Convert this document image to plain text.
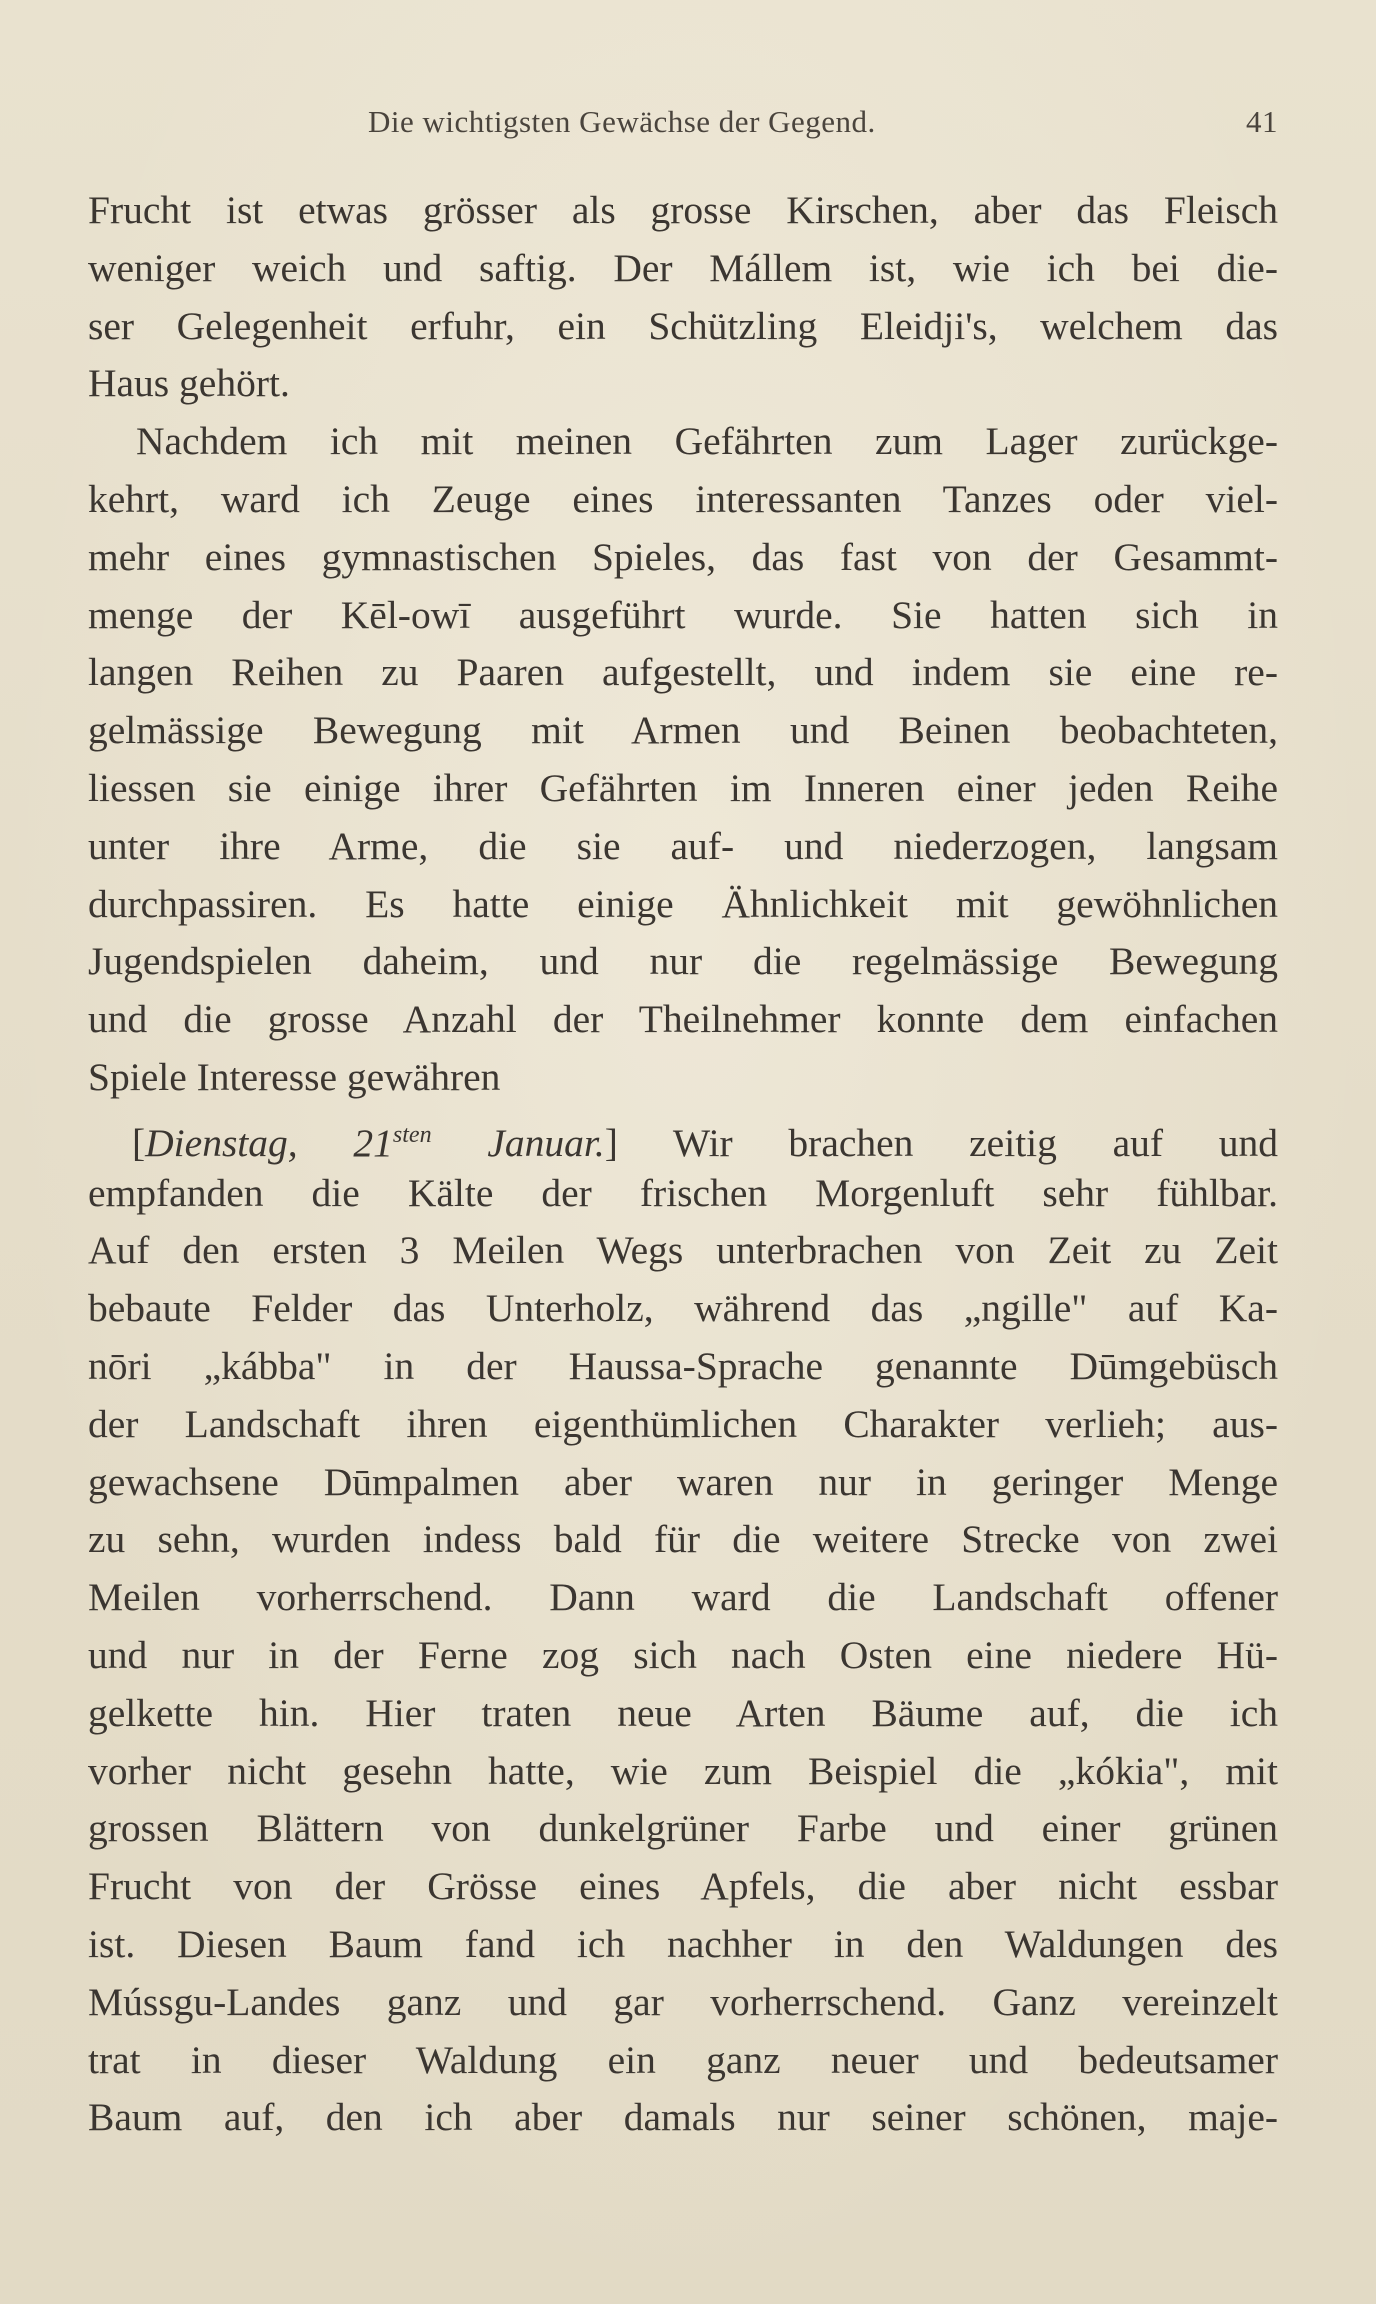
Die wichtigsten Gewächse der Gegend.	41
Frucht ist etwas grösser als grosse Kirschen, aber das Fleisch
weniger weich und saftig. Der Mállem ist, wie ich bei die-
ser Gelegenheit erfuhr, ein Schützling Eleidji's, welchem das
Haus gehört.
Nachdem ich mit meinen Gefährten zum Lager zurückge-
kehrt, ward ich Zeuge eines interessanten Tanzes oder viel-
mehr eines gymnastischen Spieles, das fast von der Gesammt-
menge der Kēl-owī ausgeführt wurde. Sie hatten sich in
langen Reihen zu Paaren aufgestellt, und indem sie eine re-
gelmässige Bewegung mit Armen und Beinen beobachteten,
liessen sie einige ihrer Gefährten im Inneren einer jeden Reihe
unter ihre Arme, die sie auf- und niederzogen, langsam
durchpassiren. Es hatte einige Ähnlichkeit mit gewöhnlichen
Jugendspielen daheim, und nur die regelmässige Bewegung
und die grosse Anzahl der Theilnehmer konnte dem einfachen
Spiele Interesse gewähren
[Dienstag, $21^{sten}$ Januar.] Wir brachen zeitig auf und
empfanden die Kälte der frischen Morgenluft sehr fühlbar.
Auf den ersten 3 Meilen Wegs unterbrachen von Zeit zu Zeit
bebaute Felder das Unterholz, während das „ngille" auf Ka-
nōri „kábba" in der Haussa-Sprache genannte Dūmgebüsch
der Landschaft ihren eigenthümlichen Charakter verlieh; aus-
gewachsene Dūmpalmen aber waren nur in geringer Menge
zu sehn, wurden indess bald für die weitere Strecke von zwei
Meilen vorherrschend. Dann ward die Landschaft offener
und nur in der Ferne zog sich nach Osten eine niedere Hü-
gelkette hin. Hier traten neue Arten Bäume auf, die ich
vorher nicht gesehn hatte, wie zum Beispiel die „kókia", mit
grossen Blättern von dunkelgrüner Farbe und einer grünen
Frucht von der Grösse eines Apfels, die aber nicht essbar
ist. Diesen Baum fand ich nachher in den Waldungen des
Mússgu-Landes ganz und gar vorherrschend. Ganz vereinzelt
trat in dieser Waldung ein ganz neuer und bedeutsamer
Baum auf, den ich aber damals nur seiner schönen, maje-
